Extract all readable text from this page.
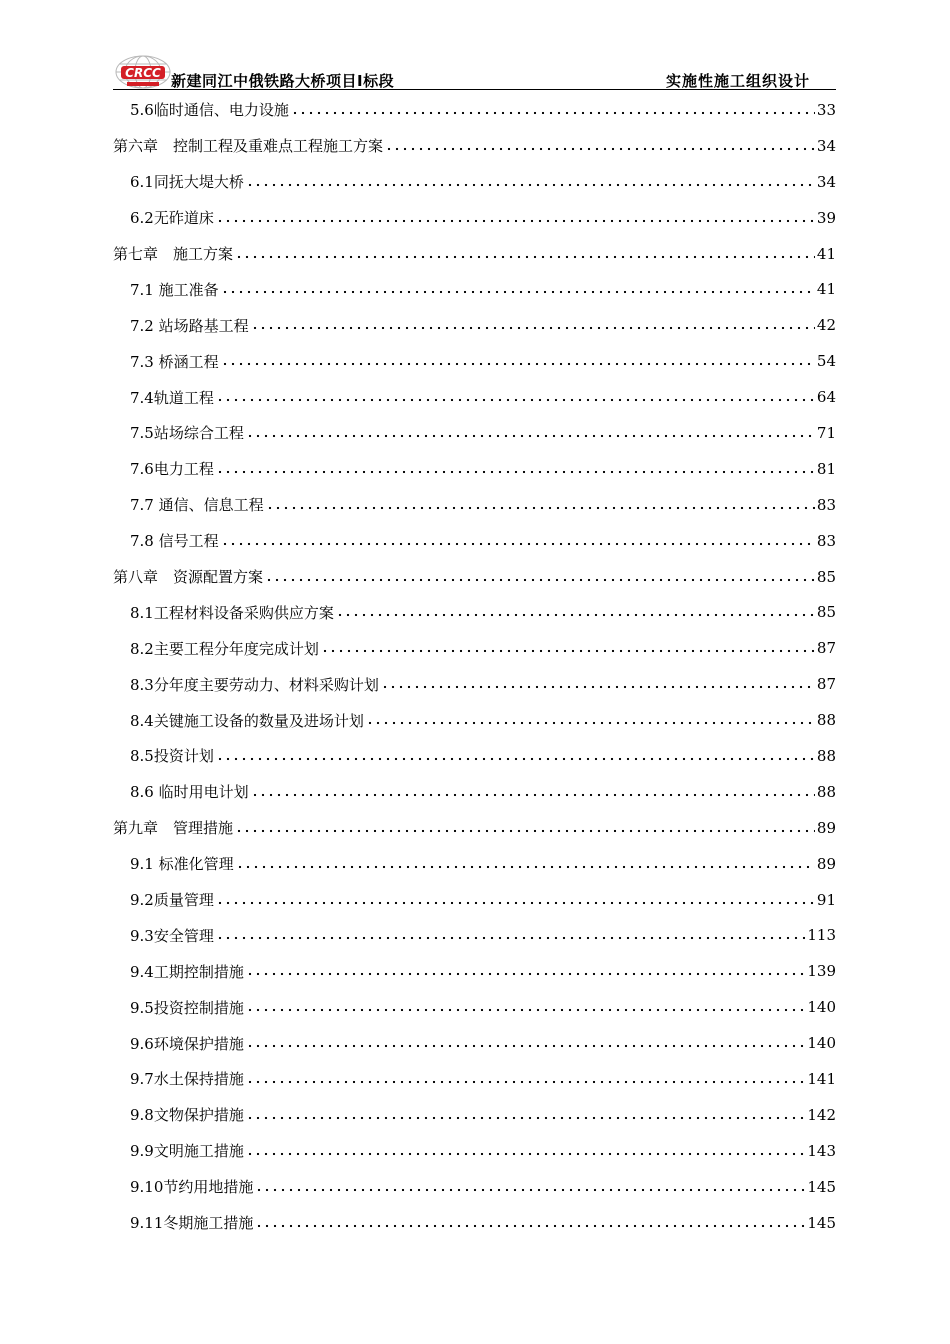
CRCC 新建同江中俄铁路大桥项目Ⅰ标段	实施性施工组织设计
5.6临时通信、电力设施	33
第六章　控制工程及重难点工程施工方案	34
6.1同抚大堤大桥	34
6.2无砟道床	39
第七章　施工方案	41
7.1 施工准备	41
7.2 站场路基工程	42
7.3 桥涵工程	54
7.4轨道工程	64
7.5站场综合工程	71
7.6电力工程	81
7.7 通信、信息工程	83
7.8 信号工程	83
第八章　资源配置方案	85
8.1工程材料设备采购供应方案	85
8.2主要工程分年度完成计划	87
8.3分年度主要劳动力、材料采购计划	87
8.4关键施工设备的数量及进场计划	88
8.5投资计划	88
8.6 临时用电计划	88
第九章　管理措施	89
9.1 标准化管理	89
9.2质量管理	91
9.3安全管理	113
9.4工期控制措施	139
9.5投资控制措施	140
9.6环境保护措施	140
9.7水土保持措施	141
9.8文物保护措施	142
9.9文明施工措施	143
9.10节约用地措施	145
9.11冬期施工措施	145
